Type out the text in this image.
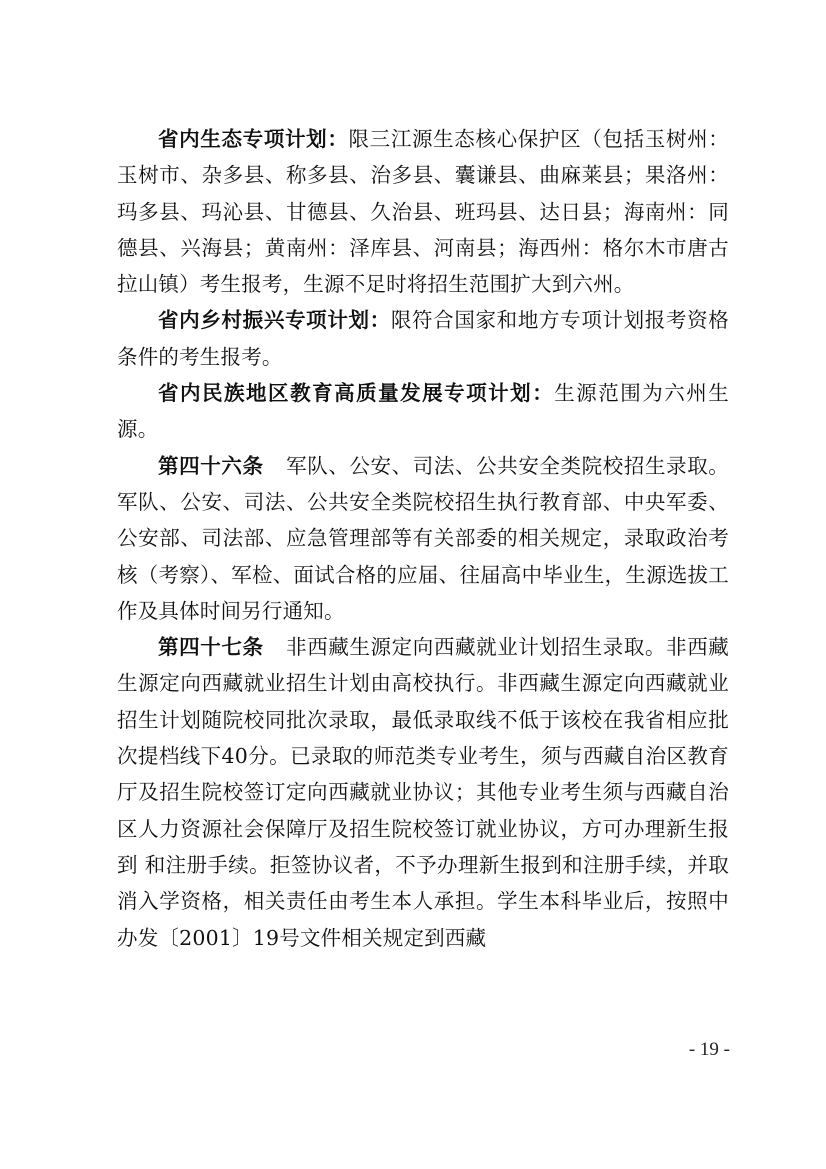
省内生态专项计划：限三江源生态核心保护区（包括玉树州：玉树市、杂多县、称多县、治多县、囊谦县、曲麻莱县；果洛州：玛多县、玛沁县、甘德县、久治县、班玛县、达日县；海南州：同德县、兴海县；黄南州：泽库县、河南县；海西州：格尔木市唐古拉山镇）考生报考，生源不足时将招生范围扩大到六州。

省内乡村振兴专项计划：限符合国家和地方专项计划报考资格条件的考生报考。

省内民族地区教育高质量发展专项计划：生源范围为六州生源。

第四十六条 军队、公安、司法、公共安全类院校招生录取。军队、公安、司法、公共安全类院校招生执行教育部、中央军委、公安部、司法部、应急管理部等有关部委的相关规定，录取政治考核（考察）、军检、面试合格的应届、往届高中毕业生，生源选拔工作及具体时间另行通知。

第四十七条 非西藏生源定向西藏就业计划招生录取。非西藏生源定向西藏就业招生计划由高校执行。非西藏生源定向西藏就业招生计划随院校同批次录取，最低录取线不低于该校在我省相应批次提档线下40分。已录取的师范类专业考生，须与西藏自治区教育厅及招生院校签订定向西藏就业协议；其他专业考生须与西藏自治区人力资源社会保障厅及招生院校签订就业协议，方可办理新生报到 和注册手续。拒签协议者，不予办理新生报到和注册手续，并取消入学资格，相关责任由考生本人承担。学生本科毕业后，按照中办发〔2001〕19号文件相关规定到西藏

- 19 -
